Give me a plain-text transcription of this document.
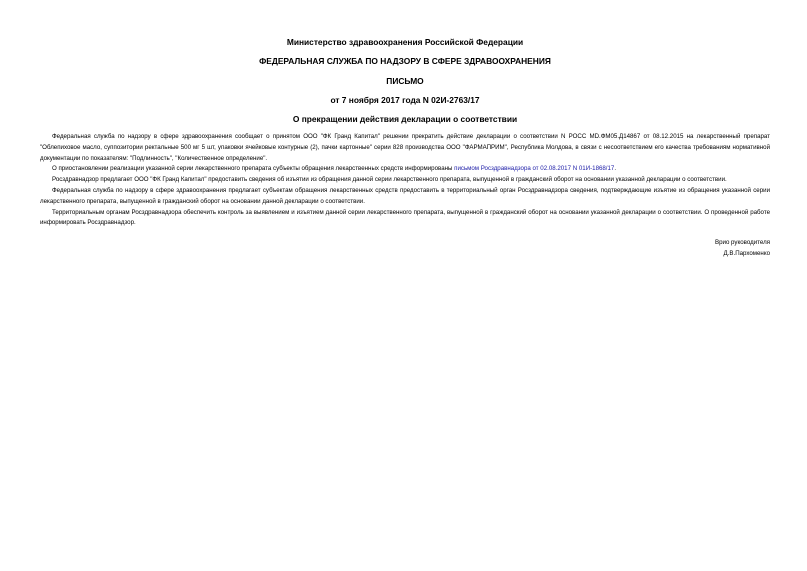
Министерство здравоохранения Российской Федерации
ФЕДЕРАЛЬНАЯ СЛУЖБА ПО НАДЗОРУ В СФЕРЕ ЗДРАВООХРАНЕНИЯ
ПИСЬМО
от 7 ноября 2017 года N 02И-2763/17
О прекращении действия декларации о соответствии

Федеральная служба по надзору в сфере здравоохранения сообщает о принятом ООО "ФК Гранд Капитал" решении прекратить действие декларации о соответствии N РОСС MD.ФМ05.Д14867 от 08.12.2015 на лекарственный препарат "Облепиховое масло, суппозитории ректальные 500 мг 5 шт, упаковки ячейковые контурные (2), пачки картонные" серии 828 производства ООО "ФАРМАПРИМ", Республика Молдова, в связи с несоответствием его качества требованиям нормативной документации по показателям: "Подлинность", "Количественное определение".

О приостановлении реализации указанной серии лекарственного препарата субъекты обращения лекарственных средств информированы письмом Росздравнадзора от 02.08.2017 N 01И-1868/17.

Росздравнадзор предлагает ООО "ФК Гранд Капитал" предоставить сведения об изъятии из обращения данной серии лекарственного препарата, выпущенной в гражданский оборот на основании указанной декларации о соответствии.

Федеральная служба по надзору в сфере здравоохранения предлагает субъектам обращения лекарственных средств предоставить в территориальный орган Росздравнадзора сведения, подтверждающие изъятие из обращения указанной серии лекарственного препарата, выпущенной в гражданский оборот на основании данной декларации о соответствии.

Территориальным органам Росздравнадзора обеспечить контроль за выявлением и изъятием данной серии лекарственного препарата, выпущенной в гражданский оборот на основании указанной декларации о соответствии. О проведенной работе информировать Росздравнадзор.

Врио руководителя
Д.В.Пархоменко
